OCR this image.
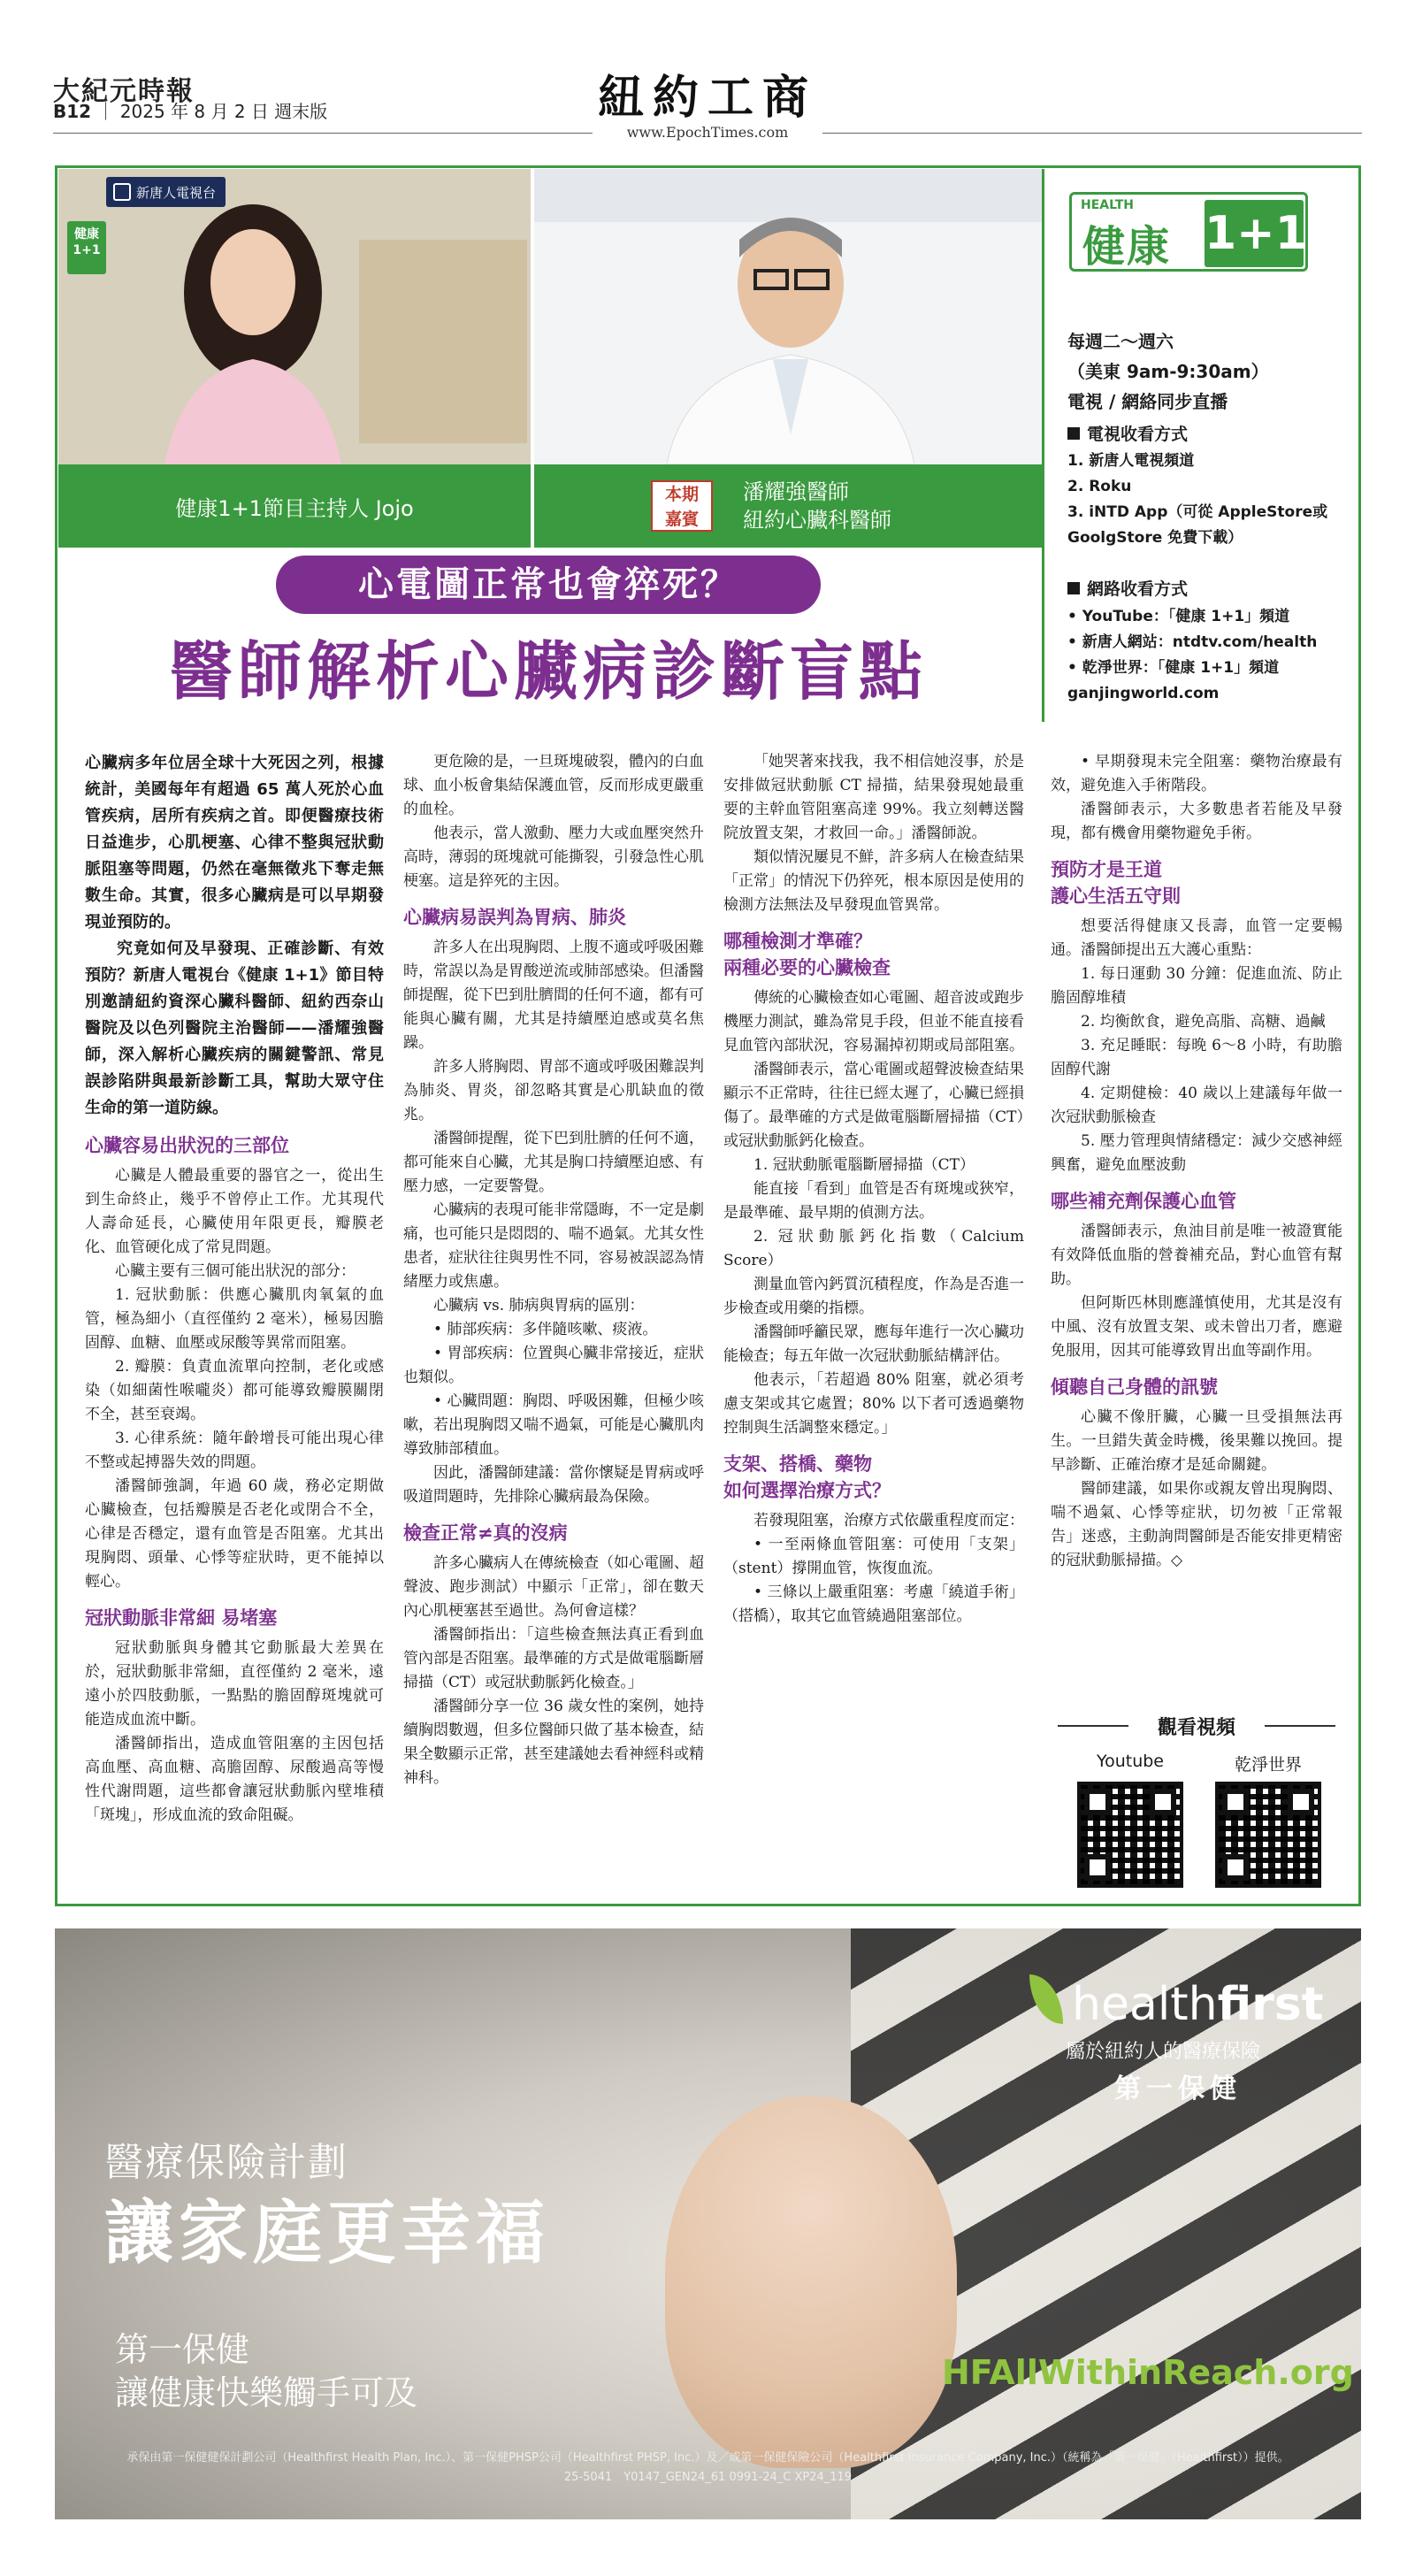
大紀元時報
B12 ｜ 2025 年 8 月 2 日 週末版	紐約工商
www.EpochTimes.com
新唐人電視台
健康
1+1
健康1+1節目主持人 Jojo
本期
嘉賓
潘耀強醫師
紐約心臟科醫師
HEALTH
健康 1+1
每週二～週六
（美東 9am-9:30am）
電視 / 網絡同步直播
電視收看方式
1. 新唐人電視頻道
2. Roku
3. iNTD App（可從 AppleStore或 GoolgStore 免費下載）
網路收看方式
• YouTube：「健康 1+1」頻道
• 新唐人網站：ntdtv.com/health
• 乾淨世界：「健康 1+1」頻道 ganjingworld.com
心電圖正常也會猝死？
醫師解析心臟病診斷盲點

心臟病多年位居全球十大死因之列，根據統計，美國每年有超過 65 萬人死於心血管疾病，居所有疾病之首。即便醫療技術日益進步，心肌梗塞、心律不整與冠狀動脈阻塞等問題，仍然在毫無徵兆下奪走無數生命。其實，很多心臟病是可以早期發現並預防的。

究竟如何及早發現、正確診斷、有效預防？新唐人電視台《健康 1+1》節目特別邀請紐約資深心臟科醫師、紐約西奈山醫院及以色列醫院主治醫師——潘耀強醫師，深入解析心臟疾病的關鍵警訊、常見誤診陷阱與最新診斷工具，幫助大眾守住生命的第一道防線。

心臟容易出狀況的三部位

心臟是人體最重要的器官之一，從出生到生命終止，幾乎不曾停止工作。尤其現代人壽命延長，心臟使用年限更長，瓣膜老化、血管硬化成了常見問題。

心臟主要有三個可能出狀況的部分：

1. 冠狀動脈：供應心臟肌肉氧氣的血管，極為細小（直徑僅約 2 毫米），極易因膽固醇、血糖、血壓或尿酸等異常而阻塞。

2. 瓣膜：負責血流單向控制，老化或感染（如細菌性喉嚨炎）都可能導致瓣膜關閉不全，甚至衰竭。

3. 心律系統：隨年齡增長可能出現心律不整或起搏器失效的問題。

潘醫師強調，年過 60 歲，務必定期做心臟檢查，包括瓣膜是否老化或閉合不全，心律是否穩定，還有血管是否阻塞。尤其出現胸悶、頭暈、心悸等症狀時，更不能掉以輕心。

冠狀動脈非常細 易堵塞

冠狀動脈與身體其它動脈最大差異在於，冠狀動脈非常細，直徑僅約 2 毫米，遠遠小於四肢動脈，一點點的膽固醇斑塊就可能造成血流中斷。

潘醫師指出，造成血管阻塞的主因包括高血壓、高血糖、高膽固醇、尿酸過高等慢性代謝問題，這些都會讓冠狀動脈內壁堆積「斑塊」，形成血流的致命阻礙。

更危險的是，一旦斑塊破裂，體內的白血球、血小板會集結保護血管，反而形成更嚴重的血栓。

他表示，當人激動、壓力大或血壓突然升高時，薄弱的斑塊就可能撕裂，引發急性心肌梗塞。這是猝死的主因。

心臟病易誤判為胃病、肺炎

許多人在出現胸悶、上腹不適或呼吸困難時，常誤以為是胃酸逆流或肺部感染。但潘醫師提醒，從下巴到肚臍間的任何不適，都有可能與心臟有關，尤其是持續壓迫感或莫名焦躁。

許多人將胸悶、胃部不適或呼吸困難誤判為肺炎、胃炎，卻忽略其實是心肌缺血的徵兆。

潘醫師提醒，從下巴到肚臍的任何不適，都可能來自心臟，尤其是胸口持續壓迫感、有壓力感，一定要警覺。

心臟病的表現可能非常隱晦，不一定是劇痛，也可能只是悶悶的、喘不過氣。尤其女性患者，症狀往往與男性不同，容易被誤認為情緒壓力或焦慮。

心臟病 vs. 肺病與胃病的區別：

• 肺部疾病：多伴隨咳嗽、痰液。

• 胃部疾病：位置與心臟非常接近，症狀也類似。

• 心臟問題：胸悶、呼吸困難，但極少咳嗽，若出現胸悶又喘不過氣，可能是心臟肌肉導致肺部積血。

因此，潘醫師建議：當你懷疑是胃病或呼吸道問題時，先排除心臟病最為保險。

檢查正常≠真的沒病

許多心臟病人在傳統檢查（如心電圖、超聲波、跑步測試）中顯示「正常」，卻在數天內心肌梗塞甚至過世。為何會這樣？

潘醫師指出：「這些檢查無法真正看到血管內部是否阻塞。最準確的方式是做電腦斷層掃描（CT）或冠狀動脈鈣化檢查。」

潘醫師分享一位 36 歲女性的案例，她持續胸悶數週，但多位醫師只做了基本檢查，結果全數顯示正常，甚至建議她去看神經科或精神科。

「她哭著來找我，我不相信她沒事，於是安排做冠狀動脈 CT 掃描，結果發現她最重要的主幹血管阻塞高達 99%。我立刻轉送醫院放置支架，才救回一命。」潘醫師說。

類似情況屢見不鮮，許多病人在檢查結果「正常」的情況下仍猝死，根本原因是使用的檢測方法無法及早發現血管異常。

哪種檢測才準確？
兩種必要的心臟檢查

傳統的心臟檢查如心電圖、超音波或跑步機壓力測試，雖為常見手段，但並不能直接看見血管內部狀況，容易漏掉初期或局部阻塞。

潘醫師表示，當心電圖或超聲波檢查結果顯示不正常時，往往已經太遲了，心臟已經損傷了。最準確的方式是做電腦斷層掃描（CT）或冠狀動脈鈣化檢查。

1. 冠狀動脈電腦斷層掃描（CT）

能直接「看到」血管是否有斑塊或狹窄，是最準確、最早期的偵測方法。

2. 冠狀動脈鈣化指數（Calcium Score）

測量血管內鈣質沉積程度，作為是否進一步檢查或用藥的指標。

潘醫師呼籲民眾，應每年進行一次心臟功能檢查；每五年做一次冠狀動脈結構評估。

他表示，「若超過 80% 阻塞，就必須考慮支架或其它處置；80% 以下者可透過藥物控制與生活調整來穩定。」

支架、搭橋、藥物
如何選擇治療方式？

若發現阻塞，治療方式依嚴重程度而定：

• 一至兩條血管阻塞：可使用「支架」（stent）撐開血管，恢復血流。

• 三條以上嚴重阻塞：考慮「繞道手術」（搭橋），取其它血管繞過阻塞部位。

• 早期發現未完全阻塞：藥物治療最有效，避免進入手術階段。

潘醫師表示，大多數患者若能及早發現，都有機會用藥物避免手術。

預防才是王道
護心生活五守則

想要活得健康又長壽，血管一定要暢通。潘醫師提出五大護心重點：

1. 每日運動 30 分鐘：促進血流、防止膽固醇堆積

2. 均衡飲食，避免高脂、高糖、過鹹

3. 充足睡眠：每晚 6～8 小時，有助膽固醇代謝

4. 定期健檢：40 歲以上建議每年做一次冠狀動脈檢查

5. 壓力管理與情緒穩定：減少交感神經興奮，避免血壓波動

哪些補充劑保護心血管

潘醫師表示，魚油目前是唯一被證實能有效降低血脂的營養補充品，對心血管有幫助。

但阿斯匹林則應謹慎使用，尤其是沒有中風、沒有放置支架、或未曾出刀者，應避免服用，因其可能導致胃出血等副作用。

傾聽自己身體的訊號

心臟不像肝臟，心臟一旦受損無法再生。一旦錯失黃金時機，後果難以挽回。提早診斷、正確治療才是延命關鍵。

醫師建議，如果你或親友曾出現胸悶、喘不過氣、心悸等症狀，切勿被「正常報告」迷惑，主動詢問醫師是否能安排更精密的冠狀動脈掃描。◇

觀看視頻
Youtube	乾淨世界
醫療保險計劃
讓家庭更幸福
第一保健
讓健康快樂觸手可及
healthfirst
屬於紐約人的醫療保險
第一保健
HFAllWithinReach.org
承保由第一保健健保計劃公司（Healthfirst Health Plan, Inc.）、第一保健PHSP公司（Healthfirst PHSP, Inc.）及／或第一保健保險公司（Healthfirst Insurance Company, Inc.）（統稱為「第一保健」（Healthfirst））提供。
25-5041　Y0147_GEN24_61 0991-24_C XP24_119
